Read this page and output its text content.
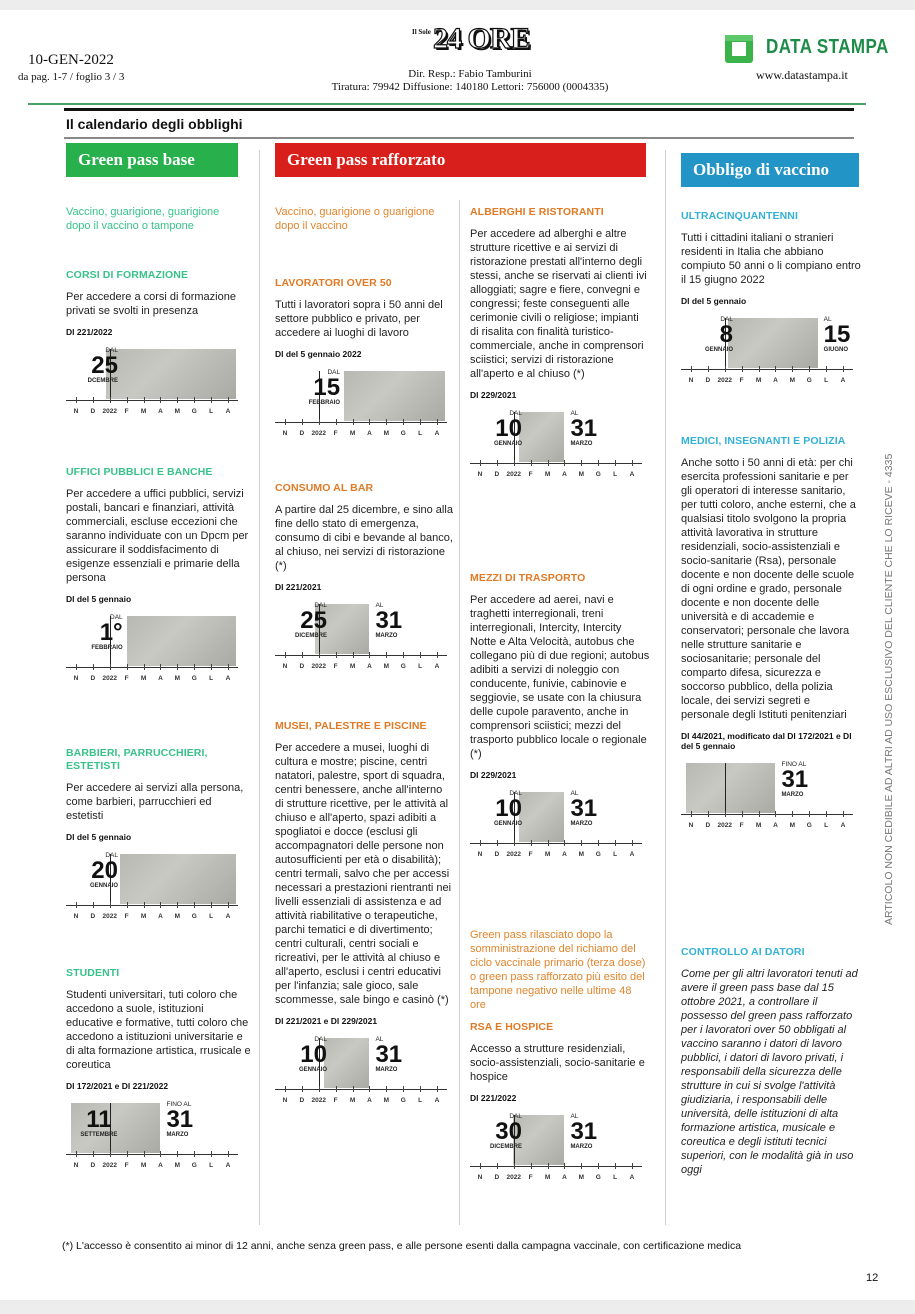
10-GEN-2022
da pag. 1-7 / foglio 3 / 3
Il Sole 24 ORE
Dir. Resp.: Fabio Tamburini
Tiratura: 79942 Diffusione: 140180 Lettori: 756000 (0004335)
DATA STAMPA
www.datastampa.it
Il calendario degli obblighi
Green pass base	Green pass rafforzato
Obbligo di vaccino
Vaccino, guarigione, guarigione dopo il vaccino o tampone
Vaccino, guarigione o guarigione dopo il vaccino
CORSI DI FORMAZIONE
Per accedere a corsi di formazione privati se svolti in presenza
Dl 221/2022
N D 2022 F M A M G L A
DAL
25
DCEMBRE
UFFICI PUBBLICI E BANCHE
Per accedere a uffici pubblici, servizi postali, bancari e finanziari, attività commerciali, escluse eccezioni che saranno individuate con un Dpcm per assicurare il soddisfacimento di esigenze essenziali e primarie della persona
Dl del 5 gennaio
N D 2022 F M A M G L A
DAL
1°
FEBBRAIO
BARBIERI, PARRUCCHIERI, ESTETISTI
Per accedere ai servizi alla persona, come barbieri, parrucchieri ed estetisti
Dl del 5 gennaio
N D 2022 F M A M G L A
DAL
20
GENNAIO
STUDENTI
Studenti universitari, tuti coloro che accedono a suole, istituzioni educative e formative, tutti coloro che accedono a istituzioni universitarie e di alta formazione artistica, rrusicale e coreutica
Dl 172/2021 e Dl 221/2022
N D 2022 F M A M G L A

11
SETTEMBRE
FINO AL
31
MARZO
LAVORATORI OVER 50
Tutti i lavoratori sopra i 50 anni del settore pubblico e privato, per accedere ai luoghi di lavoro
Dl del 5 gennaio 2022
N D 2022 F M A M G L A
DAL
15
FEBBRAIO
CONSUMO AL BAR
A partire dal 25 dicembre, e sino alla fine dello stato di emergenza, consumo di cibi e bevande al banco, al chiuso, nei servizi di ristorazione (*)
Dl 221/2021
N D 2022 F M A M G L A
DAL
25
DICEMBRE
AL
31
MARZO
MUSEI, PALESTRE E PISCINE
Per accedere a musei, luoghi di cultura e mostre; piscine, centri natatori, palestre, sport di squadra, centri benessere, anche all'interno di strutture ricettive, per le attività al chiuso e all'aperto, spazi adibiti a spogliatoi e docce (esclusi gli accompagnatori delle persone non autosufficienti per età o disabilità); centri termali, salvo che per accessi necessari a prestazioni rientranti nei livelli essenziali di assistenza e ad attività riabilitative o terapeutiche, parchi tematici e di divertimento; centri culturali, centri sociali e ricreativi, per le attività al chiuso e all'aperto, esclusi i centri educativi per l'infanzia; sale gioco, sale scommesse, sale bingo e casinò (*)
Dl 221/2021 e Dl 229/2021
N D 2022 F M A M G L A
DAL
10
GENNAIO
AL
31
MARZO
ALBERGHI E RISTORANTI
Per accedere ad alberghi e altre strutture ricettive e ai servizi di ristorazione prestati all'interno degli stessi, anche se riservati ai clienti ivi alloggiati; sagre e fiere, convegni e congressi; feste conseguenti alle cerimonie civili o religiose; impianti di risalita con finalità turistico-commerciale, anche in comprensori sciistici; servizi di ristorazione all'aperto e al chiuso (*)
Dl 229/2021
N D 2022 F M A M G L A
DAL
10
GENNAIO
AL
31
MARZO
MEZZI DI TRASPORTO
Per accedere ad aerei, navi e traghetti interregionali, treni interregionali, Intercity, Intercity Notte e Alta Velocità, autobus che collegano più di due regioni; autobus adibiti a servizi di noleggio con conducente, funivie, cabinovie e seggiovie, se usate con la chiusura delle cupole paravento, anche in comprensori sciistici; mezzi del trasporto pubblico locale o regionale (*)
Dl 229/2021
N D 2022 F M A M G L A
DAL
10
GENNAIO
AL
31
MARZO
Green pass rilasciato dopo la somministrazione del richiamo del ciclo vaccinale primario (terza dose) o green pass rafforzato più esito del tampone negativo nelle ultime 48 ore
RSA E HOSPICE
Accesso a strutture residenziali, socio-assistenziali, socio-sanitarie e hospice
Dl 221/2022
N D 2022 F M A M G L A
DAL
30
DICEMBRE
AL
31
MARZO
ULTRACINQUANTENNI
Tutti i cittadini italiani o stranieri residenti in Italia che abbiano compiuto 50 anni o li compiano entro il 15 giugno 2022
Dl del 5 gennaio
N D 2022 F M A M G L A
DAL
8
GENNAIO
AL
15
GIUGNO
MEDICI, INSEGNANTI E POLIZIA
Anche sotto i 50 anni di età: per chi esercita professioni sanitarie e per gli operatori di interesse sanitario, per tutti coloro, anche esterni, che a qualsiasi titolo svolgono la propria attività lavorativa in strutture residenziali, socio-assistenziali e socio-sanitarie (Rsa), personale docente e non docente delle scuole di ogni ordine e grado, personale docente e non docente delle università e di accademie e conservatori; personale che lavora nelle strutture sanitarie e sociosanitarie; personale del comparto difesa, sicurezza e soccorso pubblico, della polizia locale, dei servizi segreti e personale degli Istituti penitenziari
Dl 44/2021, modificato dal Dl 172/2021 e Dl del 5 gennaio
N D 2022 F M A M G L A
FINO AL
31
MARZO
CONTROLLO AI DATORI
Come per gli altri lavoratori tenuti ad avere il green pass base dal 15 ottobre 2021, a controllare il possesso del green pass rafforzato per i lavoratori over 50 obbligati al vaccino saranno i datori di lavoro pubblici, i datori di lavoro privati, i responsabili della sicurezza delle strutture in cui si svolge l'attività giudiziaria, i responsabili delle università, delle istituzioni di alta formazione artistica, musicale e coreutica e degli istituti tecnici superiori, con le modalità già in uso oggi
(*) L'accesso è consentito ai minor di 12 anni, anche senza green pass, e alle persone esenti dalla campagna vaccinale, con certificazione medica
12
ARTICOLO NON CEDIBILE AD ALTRI AD USO ESCLUSIVO DEL CLIENTE CHE LO RICEVE - 4335
